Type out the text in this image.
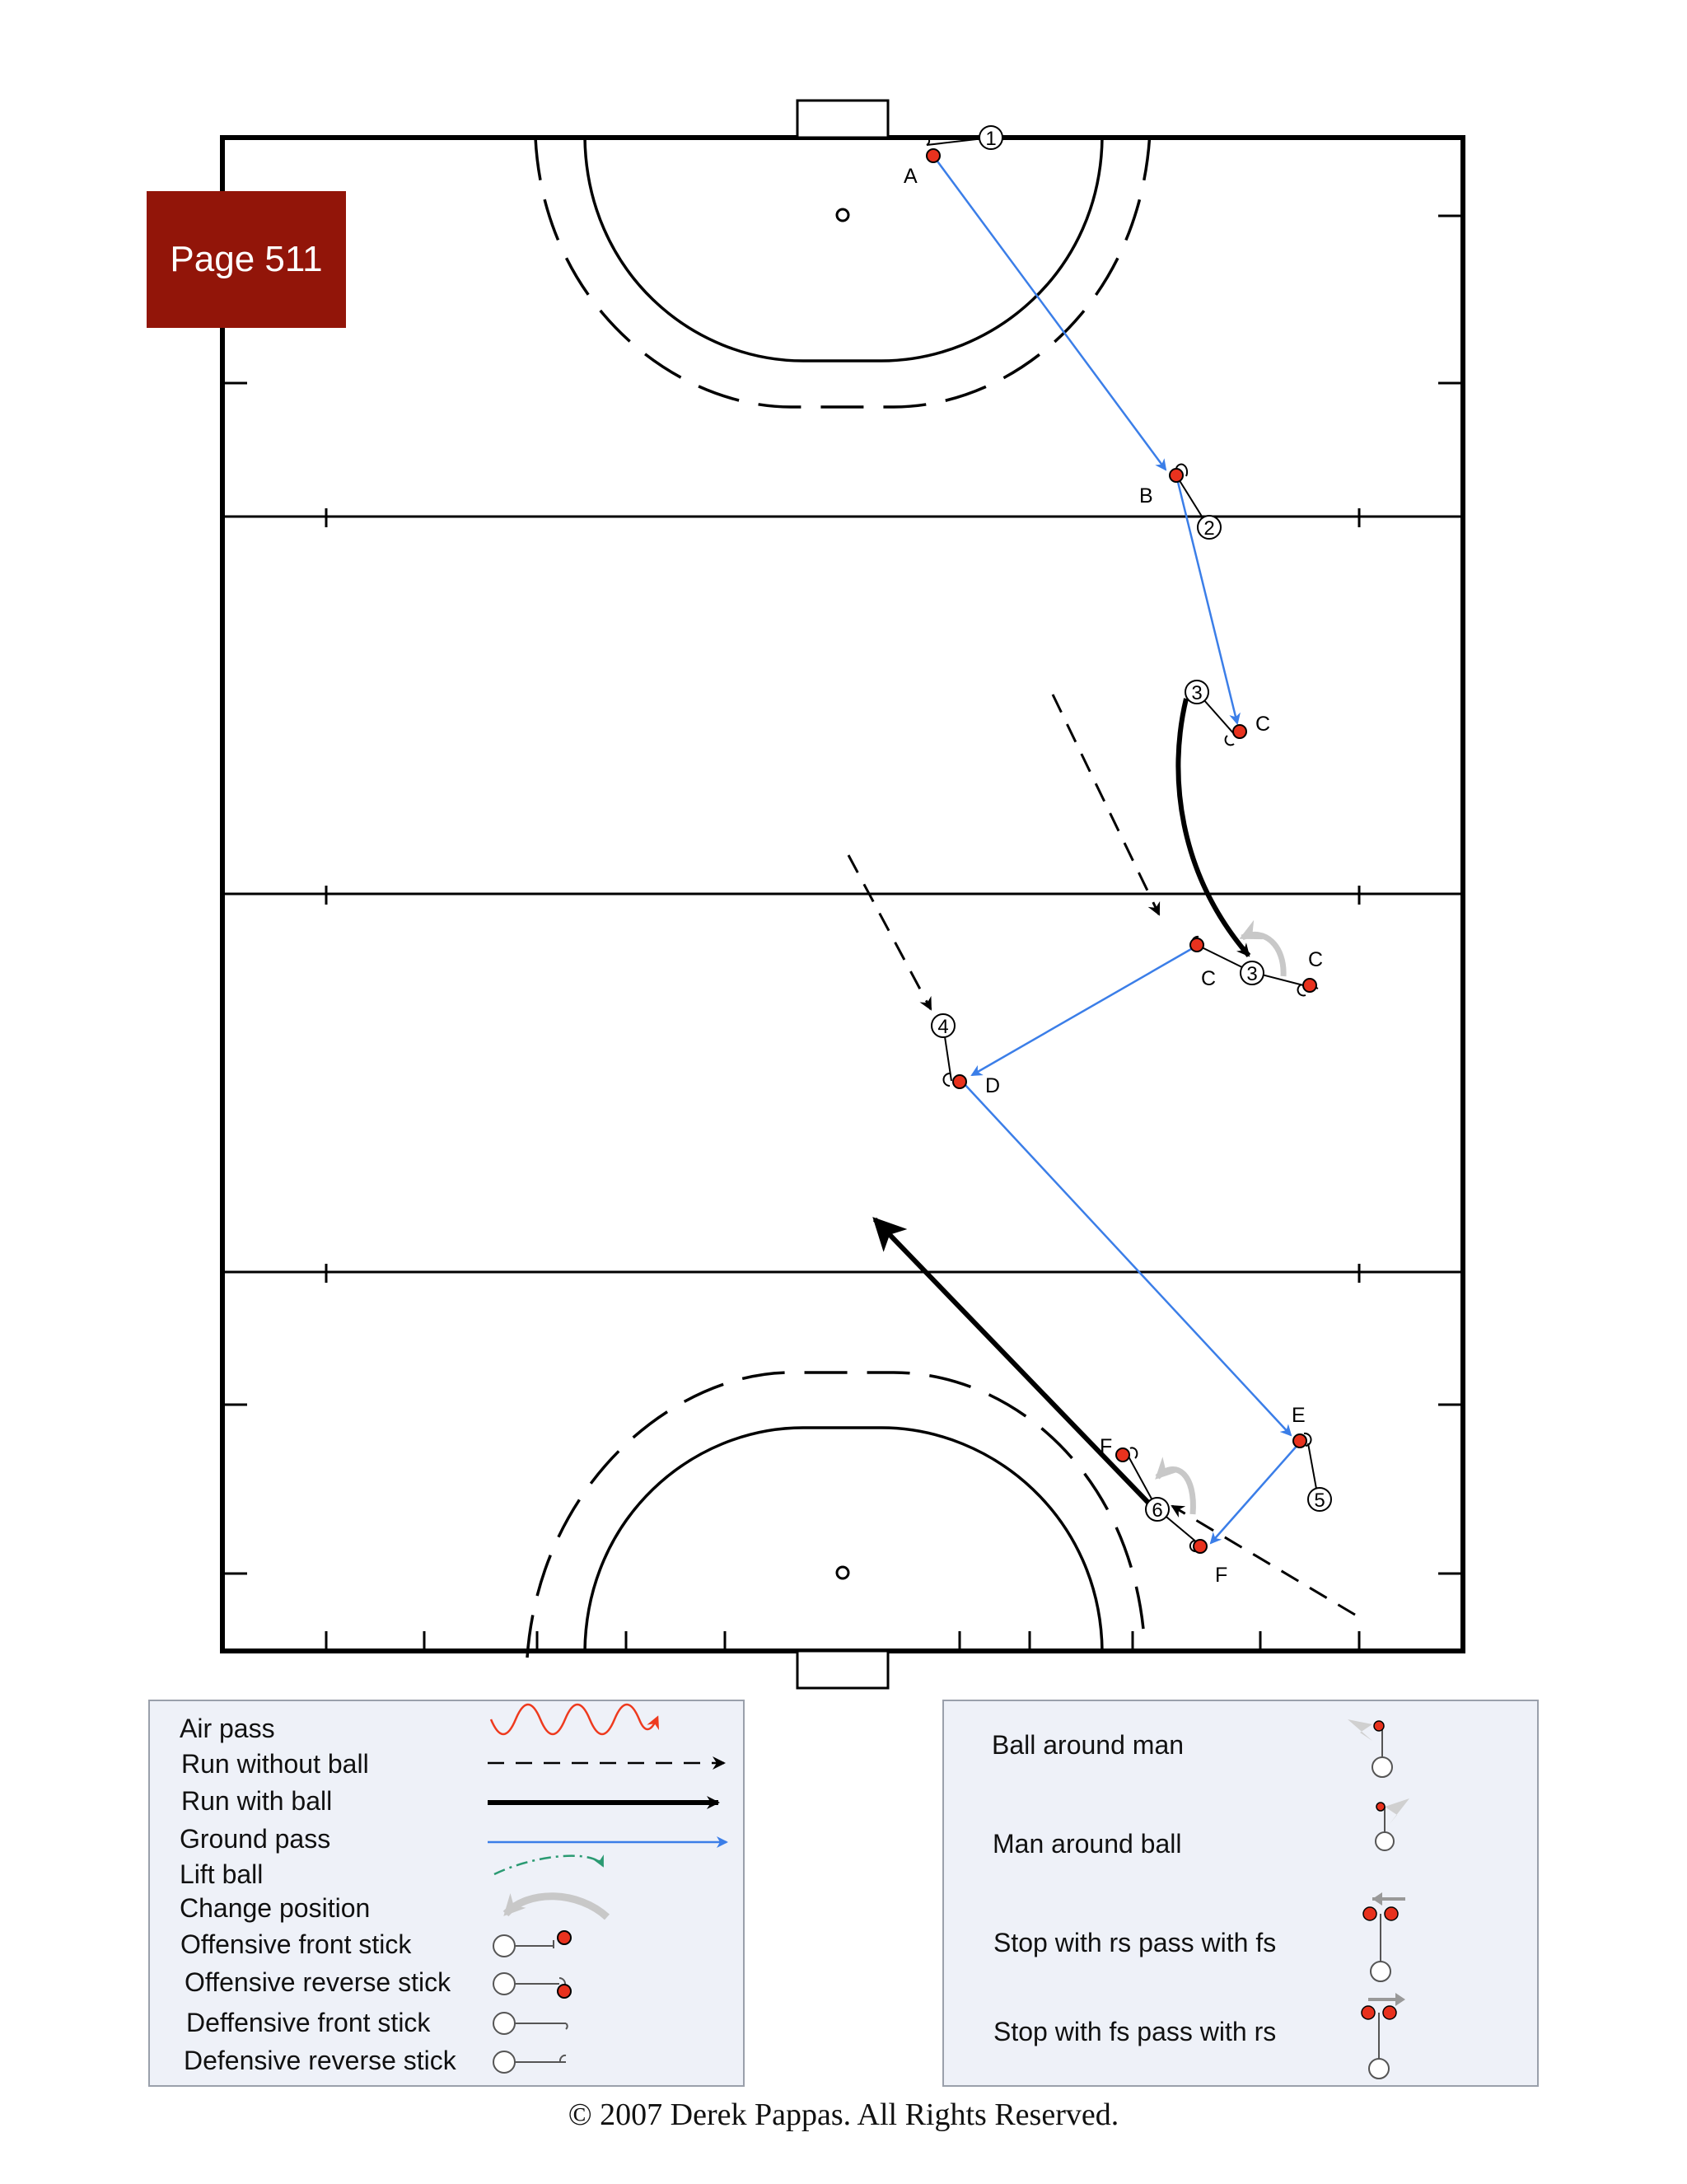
1
2
3
3
4
5
6
A
B
C
C
C
D
E
F
F
Page 511
Air pass
Run without ball
Run with ball
Ground pass
Lift ball
Change position
Offensive front stick
Offensive reverse stick
Deffensive front stick
Defensive reverse stick
Ball around man
Man around ball
Stop with rs pass with fs
Stop with fs pass with rs
© 2007 Derek Pappas. All Rights Reserved.
